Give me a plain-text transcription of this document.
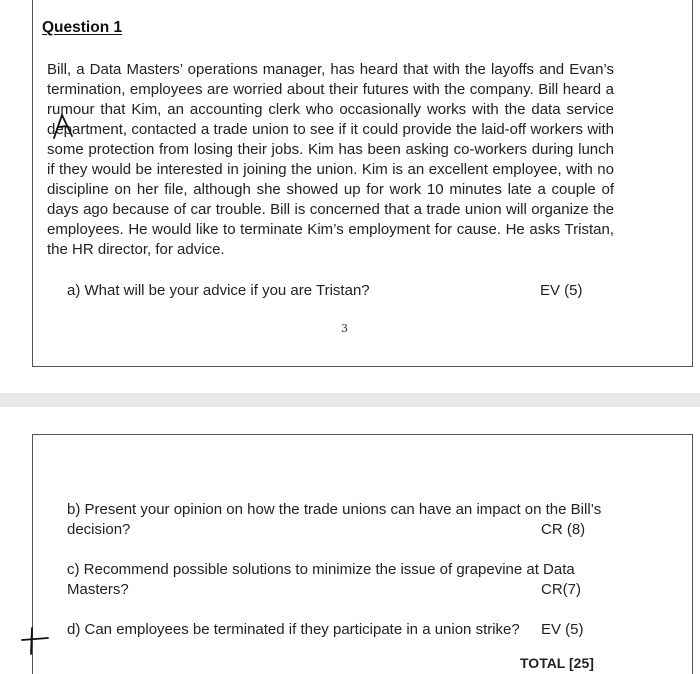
Question 1
Bill, a Data Masters’ operations manager, has heard that with the layoffs and Evan’s termination, employees are worried about their futures with the company. Bill heard a rumour that Kim, an accounting clerk who occasionally works with the data service department, contacted a trade union to see if it could provide the laid-off workers with some protection from losing their jobs. Kim has been asking co-workers during lunch if they would be interested in joining the union. Kim is an excellent employee, with no discipline on her file, although she showed up for work 10 minutes late a couple of days ago because of car trouble. Bill is concerned that a trade union will organize the employees. He would like to terminate Kim’s employment for cause. He asks Tristan, the HR director, for advice.
a) What will be your advice if you are Tristan?	EV (5)
3
b) Present your opinion on how the trade unions can have an impact on the Bill’s
decision?	CR (8)
c) Recommend possible solutions to minimize the issue of grapevine at Data
Masters?	CR(7)
d) Can employees be terminated if they participate in a union strike? EV (5)
TOTAL [25]
